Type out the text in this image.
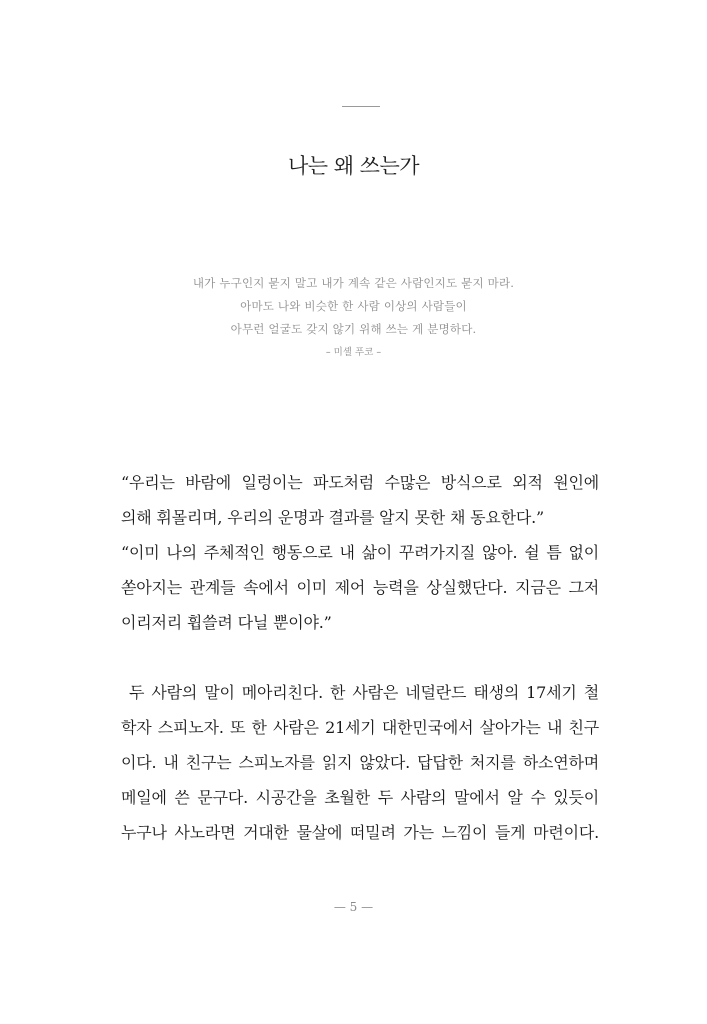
나는 왜 쓰는가
내가 누구인지 묻지 말고 내가 계속 같은 사람인지도 묻지 마라.
아마도 나와 비슷한 한 사람 이상의 사람들이
아무런 얼굴도 갖지 않기 위해 쓰는 게 분명하다.
– 미셸 푸코 –
“우리는 바람에 일렁이는 파도처럼 수많은 방식으로 외적 원인에
의해 휘몰리며, 우리의 운명과 결과를 알지 못한 채 동요한다.”
“이미 나의 주체적인 행동으로 내 삶이 꾸려가지질 않아. 쉴 틈 없이
쏟아지는 관계들 속에서 이미 제어 능력을 상실했단다. 지금은 그저
이리저리 휩쓸려 다닐 뿐이야.”
두 사람의 말이 메아리친다. 한 사람은 네덜란드 태생의 17세기 철
학자 스피노자. 또 한 사람은 21세기 대한민국에서 살아가는 내 친구
이다. 내 친구는 스피노자를 읽지 않았다. 답답한 처지를 하소연하며
메일에 쓴 문구다. 시공간을 초월한 두 사람의 말에서 알 수 있듯이
누구나 사노라면 거대한 물살에 떠밀려 가는 느낌이 들게 마련이다.
— 5 —
